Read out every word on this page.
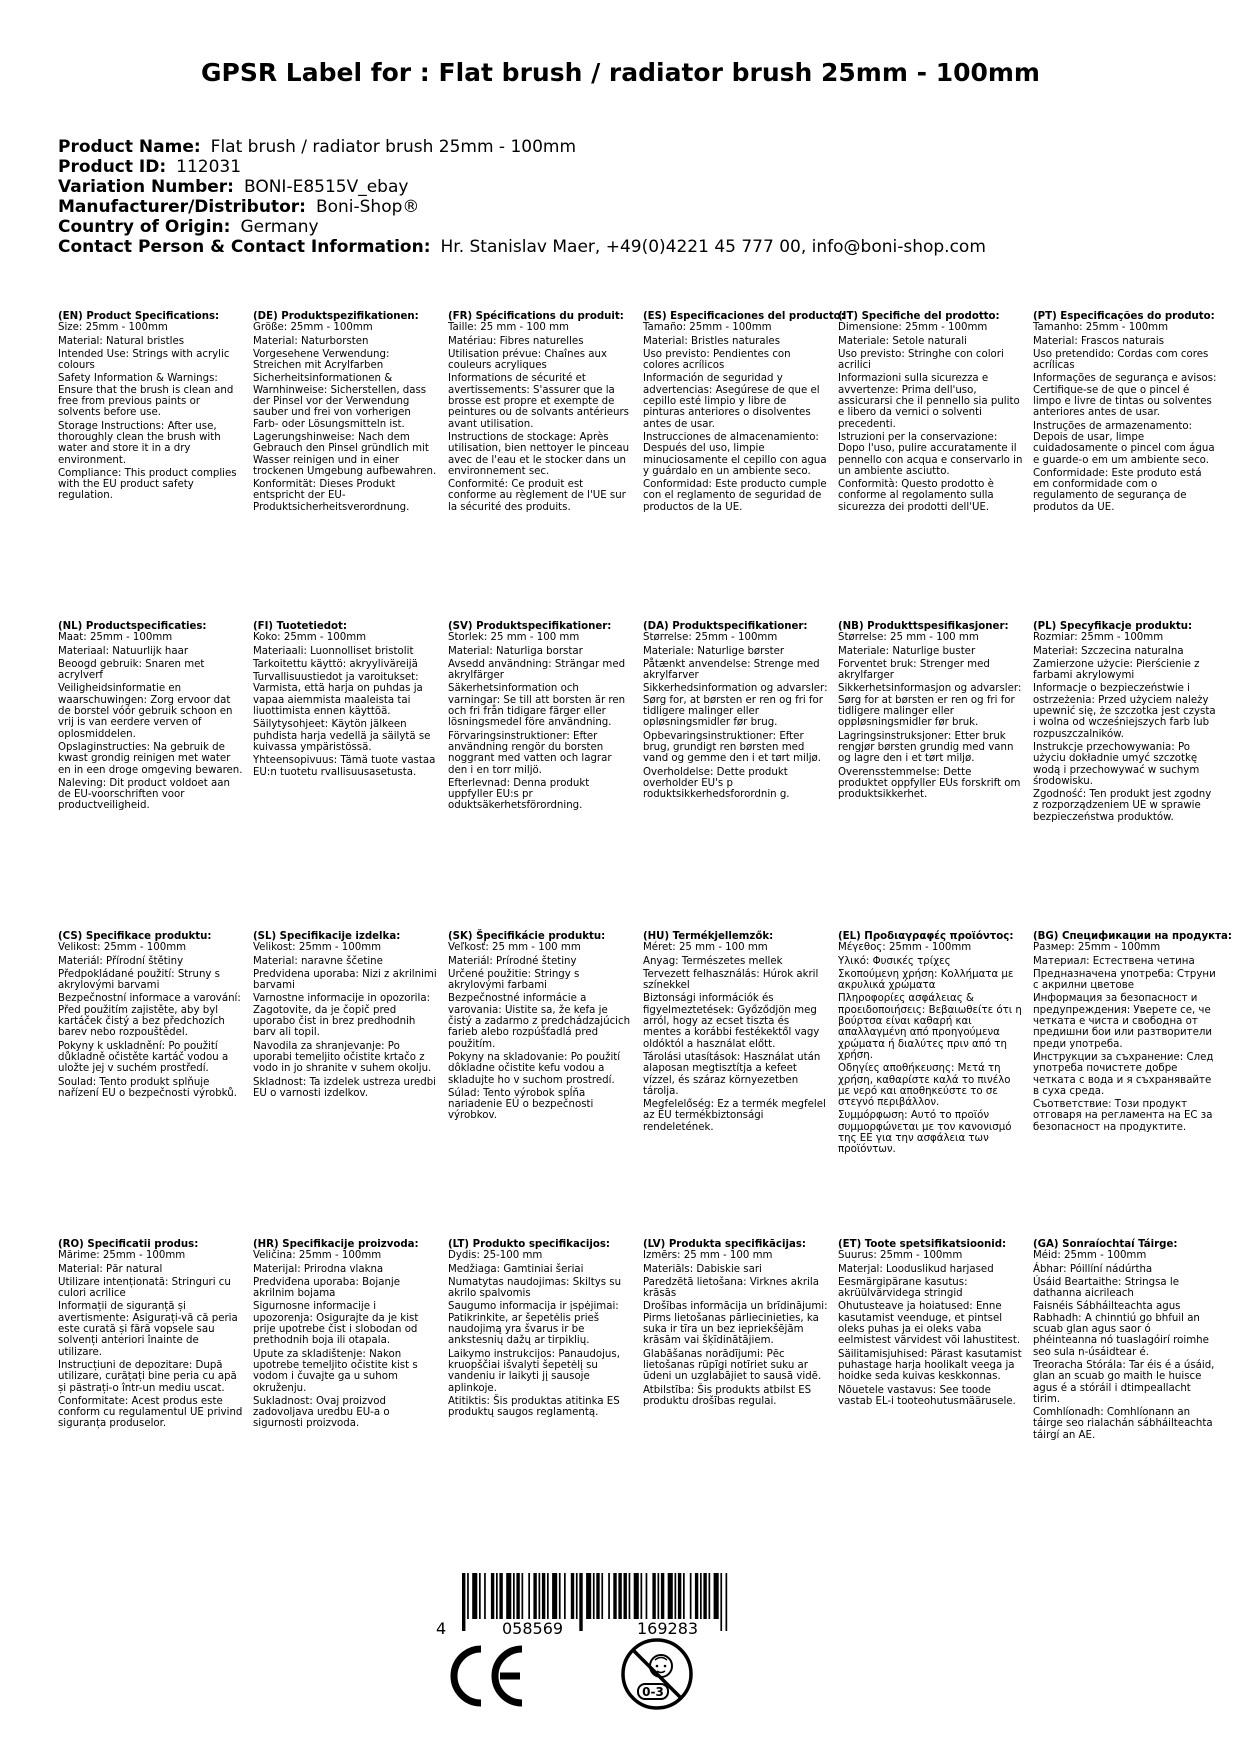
GPSR Label for : Flat brush / radiator brush 25mm - 100mm
Product Name: Flat brush / radiator brush 25mm - 100mm
Product ID: 112031
Variation Number: BONI-E8515V_ebay
Manufacturer/Distributor: Boni-Shop®
Country of Origin: Germany
Contact Person & Contact Information: Hr. Stanislav Maer, +49(0)4221 45 777 00, info@boni-shop.com
(EN) Product Specifications:
Size: 25mm - 100mm
Material: Natural bristles
Intended Use: Strings with acrylic colours
Safety Information & Warnings: Ensure that the brush is clean and free from previous paints or solvents before use.
Storage Instructions: After use, thoroughly clean the brush with water and store it in a dry environment.
Compliance: This product complies with the EU product safety regulation.
(DE) Produktspezifikationen:
Größe: 25mm - 100mm
Material: Naturborsten
Vorgesehene Verwendung: Streichen mit Acrylfarben
Sicherheitsinformationen & Warnhinweise: Sicherstellen, dass der Pinsel vor der Verwendung sauber und frei von vorherigen Farb- oder Lösungsmitteln ist.
Lagerungshinweise: Nach dem Gebrauch den Pinsel gründlich mit Wasser reinigen und in einer trockenen Umgebung aufbewahren.
Konformität: Dieses Produkt entspricht der EU-Produktsicherheitsverordnung.
(FR) Spécifications du produit:
Taille: 25 mm - 100 mm
Matériau: Fibres naturelles
Utilisation prévue: Chaînes aux couleurs acryliques
Informations de sécurité et avertissements: S'assurer que la brosse est propre et exempte de peintures ou de solvants antérieurs avant utilisation.
Instructions de stockage: Après utilisation, bien nettoyer le pinceau avec de l'eau et le stocker dans un environnement sec.
Conformité: Ce produit est conforme au règlement de l'UE sur la sécurité des produits.
(ES) Especificaciones del producto:
Tamaño: 25mm - 100mm
Material: Bristles naturales
Uso previsto: Pendientes con colores acrílicos
Información de seguridad y advertencias: Asegúrese de que el cepillo esté limpio y libre de pinturas anteriores o disolventes antes de usar.
Instrucciones de almacenamiento: Después del uso, limpie minuciosamente el cepillo con agua y guárdalo en un ambiente seco.
Conformidad: Este producto cumple con el reglamento de seguridad de productos de la UE.
(IT) Specifiche del prodotto:
Dimensione: 25mm - 100mm
Materiale: Setole naturali
Uso previsto: Stringhe con colori acrilici
Informazioni sulla sicurezza e avvertenze: Prima dell'uso, assicurarsi che il pennello sia pulito e libero da vernici o solventi precedenti.
Istruzioni per la conservazione: Dopo l'uso, pulire accuratamente il pennello con acqua e conservarlo in un ambiente asciutto.
Conformità: Questo prodotto è conforme al regolamento sulla sicurezza dei prodotti dell'UE.
(PT) Especificações do produto:
Tamanho: 25mm - 100mm
Material: Frascos naturais
Uso pretendido: Cordas com cores acrílicas
Informações de segurança e avisos: Certifique-se de que o pincel é limpo e livre de tintas ou solventes anteriores antes de usar.
Instruções de armazenamento: Depois de usar, limpe cuidadosamente o pincel com água e guarde-o em um ambiente seco.
Conformidade: Este produto está em conformidade com o regulamento de segurança de produtos da UE.
(NL) Productspecificaties:
Maat: 25mm - 100mm
Materiaal: Natuurlijk haar
Beoogd gebruik: Snaren met acrylverf
Veiligheidsinformatie en waarschuwingen: Zorg ervoor dat de borstel vóór gebruik schoon en vrij is van eerdere verven of oplosmiddelen.
Opslaginstructies: Na gebruik de kwast grondig reinigen met water en in een droge omgeving bewaren.
Naleving: Dit product voldoet aan de EU-voorschriften voor productveiligheid.
(FI) Tuotetiedot:
Koko: 25mm - 100mm
Materiaali: Luonnolliset bristolit
Tarkoitettu käyttö: akryyliväreijä
Turvallisuustiedot ja varoitukset: Varmista, että harja on puhdas ja vapaa aiemmista maaleista tai liuottimista ennen käyttöä.
Säilytysohjeet: Käytön jälkeen puhdista harja vedellä ja säilytä se kuivassa ympäristössä.
Yhteensopivuus: Tämä tuote vastaa EU:n tuotetu rvallisuusasetusta.
(SV) Produktspecifikationer:
Storlek: 25 mm - 100 mm
Material: Naturliga borstar
Avsedd användning: Strängar med akrylfärger
Säkerhetsinformation och varningar: Se till att borsten är ren och fri från tidigare färger eller lösningsmedel före användning.
Förvaringsinstruktioner: Efter användning rengör du borsten noggrant med vatten och lagrar den i en torr miljö.
Efterlevnad: Denna produkt uppfyller EU:s pr oduktsäkerhetsförordning.
(DA) Produktspecifikationer:
Størrelse: 25mm - 100mm
Materiale: Naturlige børster
Påtænkt anvendelse: Strenge med akrylfarver
Sikkerhedsinformation og advarsler: Sørg for, at børsten er ren og fri for tidligere malinger eller opløsningsmidler før brug.
Opbevaringsinstruktioner: Efter brug, grundigt ren børsten med vand og gemme den i et tørt miljø.
Overholdelse: Dette produkt overholder EU's p roduktsikkerhedsforordnin g.
(NB) Produkttspesifikasjoner:
Størrelse: 25 mm - 100 mm
Materiale: Naturlige buster
Forventet bruk: Strenger med akrylfarger
Sikkerhetsinformasjon og advarsler: Sørg for at børsten er ren og fri for tidligere malinger eller oppløsningsmidler før bruk.
Lagringsinstruksjoner: Etter bruk rengjør børsten grundig med vann og lagre den i et tørt miljø.
Overensstemmelse: Dette produktet oppfyller EUs forskrift om produktsikkerhet.
(PL) Specyfikacje produktu:
Rozmiar: 25mm - 100mm
Materiał: Szczecina naturalna
Zamierzone użycie: Pierścienie z farbami akrylowymi
Informacje o bezpieczeństwie i ostrzeżenia: Przed użyciem należy upewnić się, że szczotka jest czysta i wolna od wcześniejszych farb lub rozpuszczalników.
Instrukcje przechowywania: Po użyciu dokładnie umyć szczotkę wodą i przechowywać w suchym środowisku.
Zgodność: Ten produkt jest zgodny z rozporządzeniem UE w sprawie bezpieczeństwa produktów.
(CS) Specifikace produktu:
Velikost: 25mm - 100mm
Materiál: Přírodní štětiny
Předpokládané použití: Struny s akrylovými barvami
Bezpečnostní informace a varování: Před použitím zajistěte, aby byl kartáček čistý a bez předchozích barev nebo rozpouštědel.
Pokyny k uskladnění: Po použití důkladně očistěte kartáč vodou a uložte jej v suchém prostředí.
Soulad: Tento produkt splňuje nařízení EU o bezpečnosti výrobků.
(SL) Specifikacije izdelka:
Velikost: 25mm - 100mm
Material: naravne ščetine
Predvidena uporaba: Nizi z akrilnimi barvami
Varnostne informacije in opozorila: Zagotovite, da je čopič pred uporabo čist in brez predhodnih barv ali topil.
Navodila za shranjevanje: Po uporabi temeljito očistite krtačo z vodo in jo shranite v suhem okolju.
Skladnost: Ta izdelek ustreza uredbi EU o varnosti izdelkov.
(SK) Špecifikácie produktu:
Veľkosť: 25 mm - 100 mm
Materiál: Prírodné štetiny
Určené použitie: Stringy s akrylovými farbami
Bezpečnostné informácie a varovania: Uistite sa, že kefa je čistý a zadarmo z predchádzajúcich farieb alebo rozpúšťadlá pred použitím.
Pokyny na skladovanie: Po použití dôkladne očistite kefu vodou a skladujte ho v suchom prostredí.
Súlad: Tento výrobok spĺňa nariadenie EÚ o bezpečnosti výrobkov.
(HU) Termékjellemzők:
Méret: 25 mm - 100 mm
Anyag: Természetes mellek
Tervezett felhasználás: Húrok akril színekkel
Biztonsági információk és figyelmeztetések: Győződjön meg arról, hogy az ecset tiszta és mentes a korábbi festékektől vagy oldóktól a használat előtt.
Tárolási utasítások: Használat után alaposan megtisztítja a kefeet vízzel, és száraz környezetben tárolja.
Megfelelőség: Ez a termék megfelel az EU termékbiztonsági rendeletének.
(EL) Προδιαγραφές προϊόντος:
Μέγεθος: 25mm - 100mm
Υλικό: Φυσικές τρίχες
Σκοπούμενη χρήση: Κολλήματα με ακρυλικά χρώματα
Πληροφορίες ασφάλειας & προειδοποιήσεις: Βεβαιωθείτε ότι η βούρτσα είναι καθαρή και απαλλαγμένη από προηγούμενα χρώματα ή διαλύτες πριν από τη χρήση.
Οδηγίες αποθήκευσης: Μετά τη χρήση, καθαρίστε καλά το πινέλο με νερό και αποθηκεύστε το σε στεγνό περιβάλλον.
Συμμόρφωση: Αυτό το προϊόν συμμορφώνεται με τον κανονισμό της ΕΕ για την ασφάλεια των προϊόντων.
(BG) Спецификации на продукта:
Размер: 25mm - 100mm
Материал: Естествена четина
Предназначена употреба: Струни с акрилни цветове
Информация за безопасност и предупреждения: Уверете се, че четката е чиста и свободна от предишни бои или разтворители преди употреба.
Инструкции за съхранение: След употреба почистете добре четката с вода и я съхранявайте в суха среда.
Съответствие: Този продукт отговаря на регламента на ЕС за безопасност на продуктите.
(RO) Specificatii produs:
Mărime: 25mm - 100mm
Material: Păr natural
Utilizare intenționată: Stringuri cu culori acrilice
Informații de siguranță și avertismente: Asigurați-vă că peria este curată și fără vopsele sau solvenți anteriori înainte de utilizare.
Instrucțiuni de depozitare: După utilizare, curățați bine peria cu apă și păstrați-o într-un mediu uscat.
Conformitate: Acest produs este conform cu regulamentul UE privind siguranța produselor.
(HR) Specifikacije proizvoda:
Veličina: 25mm - 100mm
Materijal: Prirodna vlakna
Predviđena uporaba: Bojanje akrilnim bojama
Sigurnosne informacije i upozorenja: Osigurajte da je kist prije upotrebe čist i slobodan od prethodnih boja ili otapala.
Upute za skladištenje: Nakon upotrebe temeljito očistite kist s vodom i čuvajte ga u suhom okruženju.
Sukladnost: Ovaj proizvod zadovoljava uredbu EU-a o sigurnosti proizvoda.
(LT) Produkto specifikacijos:
Dydis: 25-100 mm
Medžiaga: Gamtiniai šeriai
Numatytas naudojimas: Skiltys su akrilo spalvomis
Saugumo informacija ir įspėjimai: Patikrinkite, ar šepetėlis prieš naudojimą yra švarus ir be ankstesnių dažų ar tirpiklių.
Laikymo instrukcijos: Panaudojus, kruopščiai išvalyti šepetėlį su vandeniu ir laikyti jį sausoje aplinkoje.
Atitiktis: Šis produktas atitinka ES produktų saugos reglamentą.
(LV) Produkta specifikācijas:
Izmērs: 25 mm - 100 mm
Materiāls: Dabiskie sari
Paredzētā lietošana: Virknes akrila krāsās
Drošības informācija un brīdinājumi: Pirms lietošanas pārliecinieties, ka suka ir tīra un bez iepriekšējām krāsām vai šķīdinātājiem.
Glabāšanas norādījumi: Pēc lietošanas rūpīgi notīriet suku ar ūdeni un uzglabājiet to sausā vidē.
Atbilstība: Šis produkts atbilst ES produktu drošības regulai.
(ET) Toote spetsifikatsioonid:
Suurus: 25mm - 100mm
Materjal: Looduslikud harjased
Eesmärgipärane kasutus: akrüülvärvidega stringid
Ohutusteave ja hoiatused: Enne kasutamist veenduge, et pintsel oleks puhas ja ei oleks vaba eelmistest värvidest või lahustitest.
Säilitamisjuhised: Pärast kasutamist puhastage harja hoolikalt veega ja hoidke seda kuivas keskkonnas.
Nõuetele vastavus: See toode vastab EL-i tooteohutusmäärusele.
(GA) Sonraíochtaí Táirge:
Méid: 25mm - 100mm
Ábhar: Póillíní nádúrtha
Úsáid Beartaithe: Stringsa le dathanna aicrileach
Faisnéis Sábháilteachta agus Rabhadh: A chinntiú go bhfuil an scuab glan agus saor ó phéinteanna nó tuaslagóirí roimhe seo sula n-úsáidtear é.
Treoracha Stórála: Tar éis é a úsáid, glan an scuab go maith le huisce agus é a stóráil i dtimpeallacht tirim.
Comhlíonadh: Comhlíonann an táirge seo rialachán sábháilteachta táirgí an AE.
4	058569	169283
0-3
